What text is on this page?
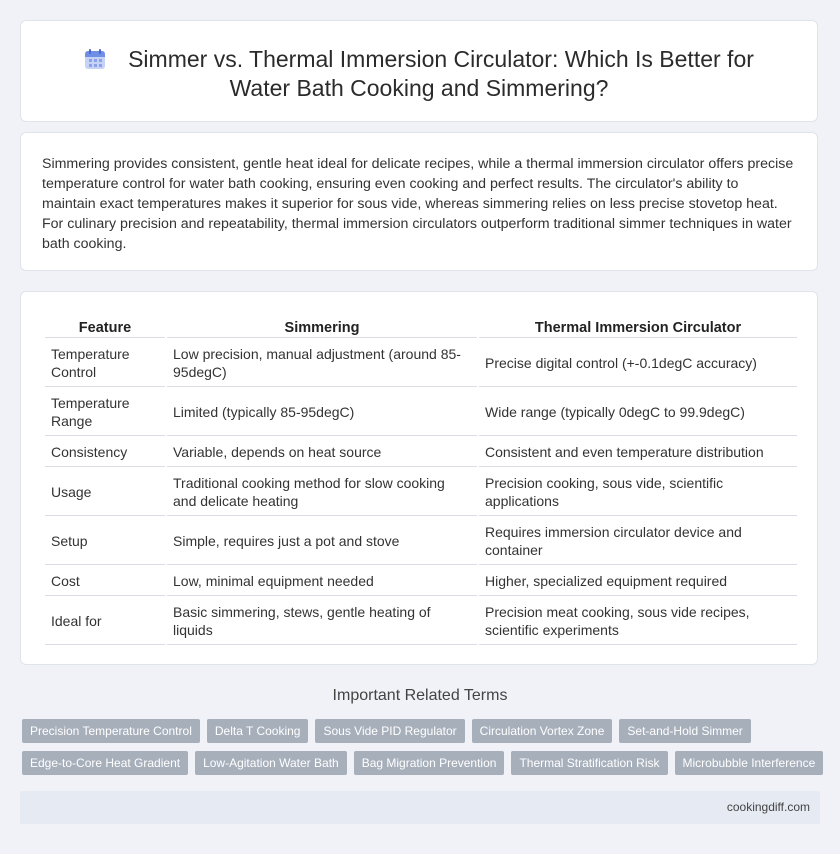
Simmer vs. Thermal Immersion Circulator: Which Is Better for
Water Bath Cooking and Simmering?
Simmering provides consistent, gentle heat ideal for delicate recipes, while a thermal immersion circulator offers precise temperature control for water bath cooking, ensuring even cooking and perfect results. The circulator's ability to maintain exact temperatures makes it superior for sous vide, whereas simmering relies on less precise stovetop heat. For culinary precision and repeatability, thermal immersion circulators outperform traditional simmer techniques in water bath cooking.
Feature	Simmering	Thermal Immersion Circulator
Temperature Control	Low precision, manual adjustment (around 85-95degC)	Precise digital control (+-0.1degC accuracy)
Temperature Range	Limited (typically 85-95degC)	Wide range (typically 0degC to 99.9degC)
Consistency	Variable, depends on heat source	Consistent and even temperature distribution
Usage	Traditional cooking method for slow cooking and delicate heating	Precision cooking, sous vide, scientific applications
Setup	Simple, requires just a pot and stove	Requires immersion circulator device and container
Cost	Low, minimal equipment needed	Higher, specialized equipment required
Ideal for	Basic simmering, stews, gentle heating of liquids	Precision meat cooking, sous vide recipes, scientific experiments
Important Related Terms
Precision Temperature Control	Delta T Cooking	Sous Vide PID Regulator	Circulation Vortex Zone	Set-and-Hold Simmer
Edge-to-Core Heat Gradient	Low-Agitation Water Bath	Bag Migration Prevention	Thermal Stratification Risk	Microbubble Interference
cookingdiff.com
